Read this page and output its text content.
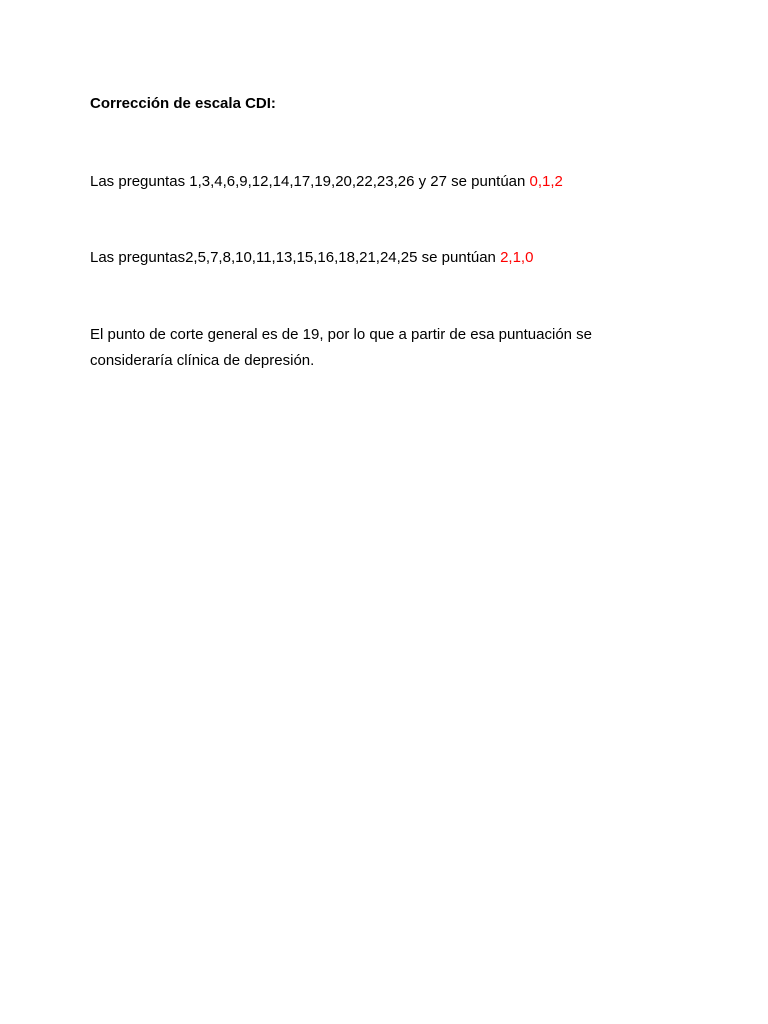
Corrección de escala CDI:
Las preguntas 1,3,4,6,9,12,14,17,19,20,22,23,26 y 27 se puntúan 0,1,2
Las preguntas2,5,7,8,10,11,13,15,16,18,21,24,25 se puntúan 2,1,0
El punto de corte general es de 19, por lo que a partir de esa puntuación se
consideraría clínica de depresión.
